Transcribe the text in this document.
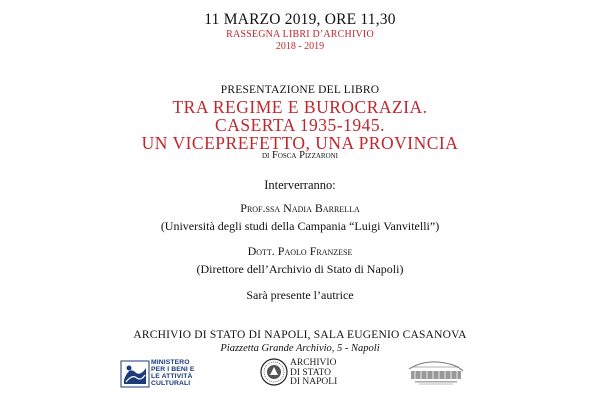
11 MARZO 2019, ORE 11,30
RASSEGNA LIBRI D’ARCHIVIO
2018 - 2019
PRESENTAZIONE DEL LIBRO
TRA REGIME E BUROCRAZIA.
CASERTA 1935-1945.
UN VICEPREFETTO, UNA PROVINCIA
di Fosca Pizzaroni
Interverranno:
Prof.ssa Nadia Barrella
(Università degli studi della Campania “Luigi Vanvitelli”)
Dott. Paolo Franzese
(Direttore dell’Archivio di Stato di Napoli)
Sarà presente l’autrice
ARCHIVIO DI STATO DI NAPOLI, SALA EUGENIO CASANOVA
Piazzetta Grande Archivio, 5 - Napoli
MINISTERO
PER I BENI E
LE ATTIVITÀ
CULTURALI
ARCHIVIO
DI STATO
DI NAPOLI
